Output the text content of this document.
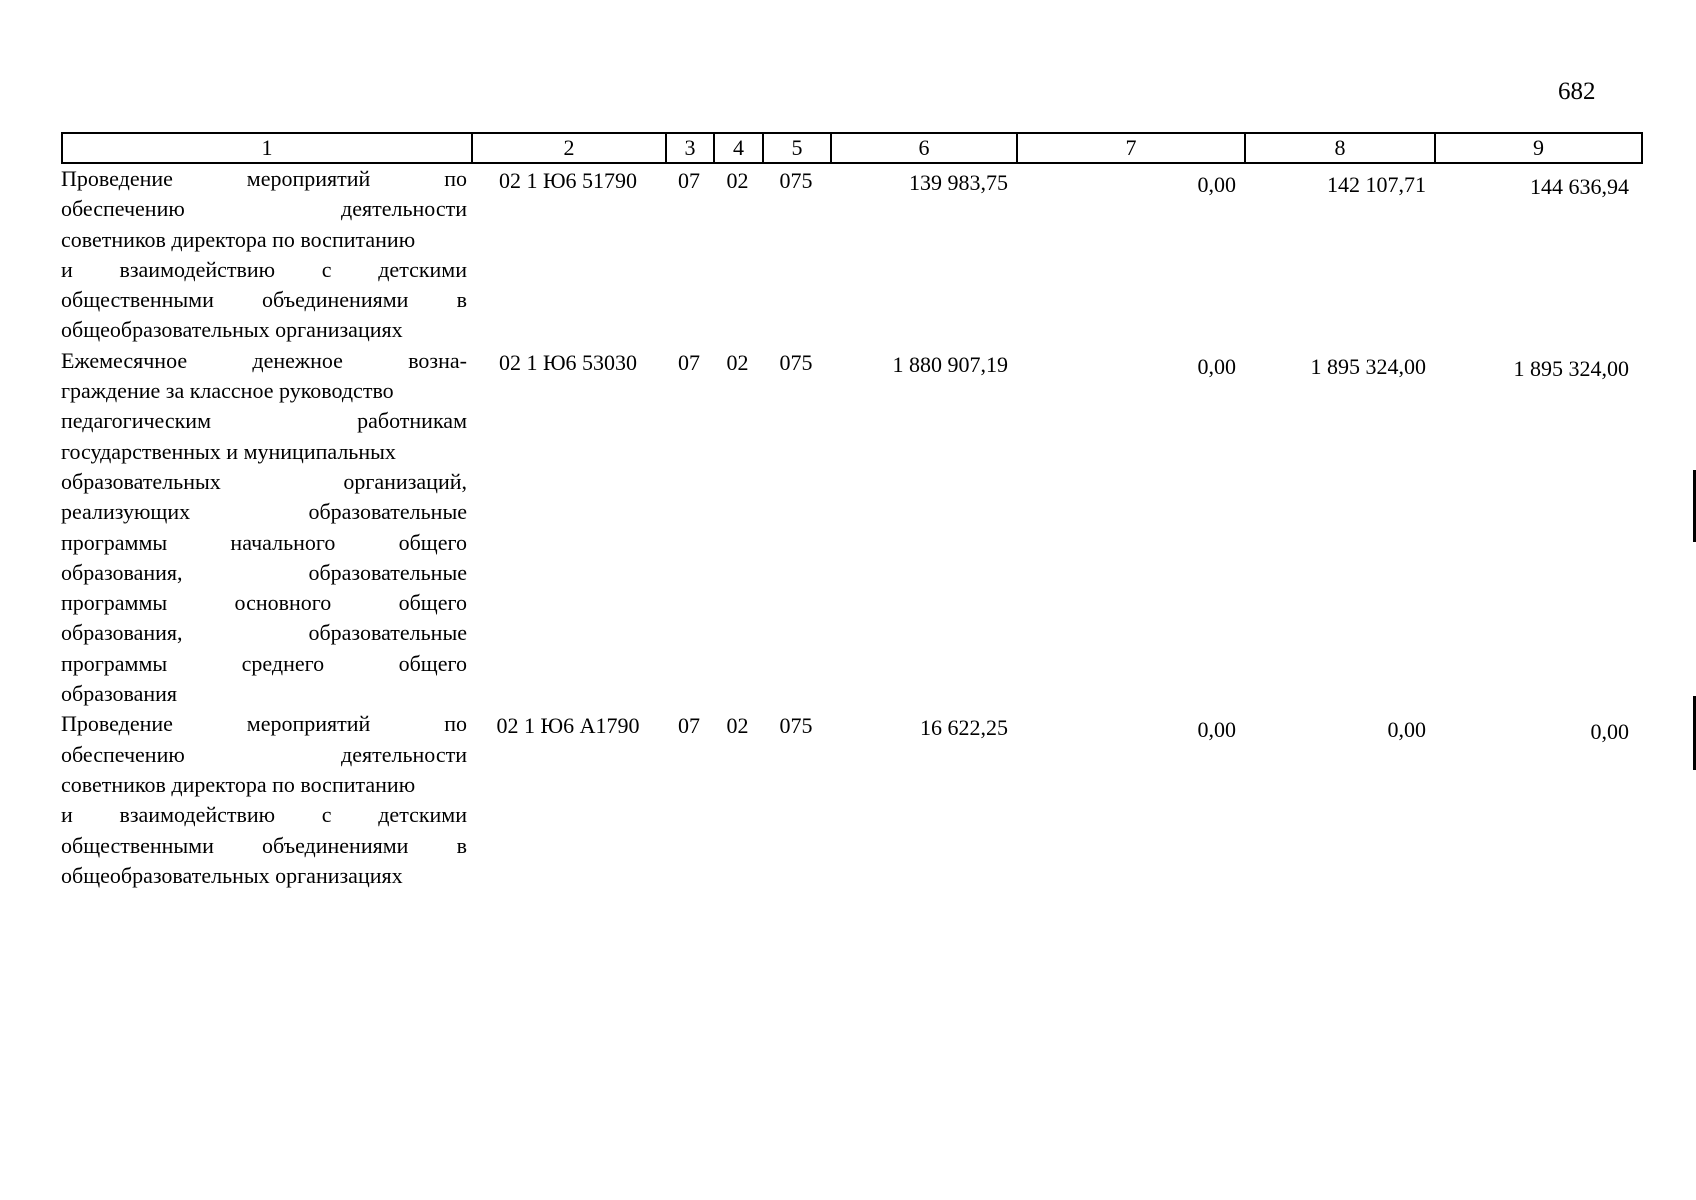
682
1	2	3	4	5	6	7	8	9
Проведение	мероприятий	по
обеспечению	деятельности
советников директора по воспитанию
и взаимодействию с детскими
общественными объединениями в
общеобразовательных организациях
02 1 Ю6 51790	07	02	075	139 983,75	0,00	142 107,71	144 636,94
Ежемесячное	денежное	возна-
граждение за классное руководство
педагогическим	работникам
государственных и муниципальных
образовательных	организаций,
реализующих	образовательные
программы	начального	общего
образования,	образовательные
программы	основного	общего
образования,	образовательные
программы	среднего	общего
образования
02 1 Ю6 53030	07	02	075	1 880 907,19	0,00	1 895 324,00	1 895 324,00
Проведение	мероприятий	по
обеспечению	деятельности
советников директора по воспитанию
и взаимодействию с детскими
общественными объединениями в
общеобразовательных организациях
02 1 Ю6 А1790	07	02	075	16 622,25	0,00	0,00	0,00
